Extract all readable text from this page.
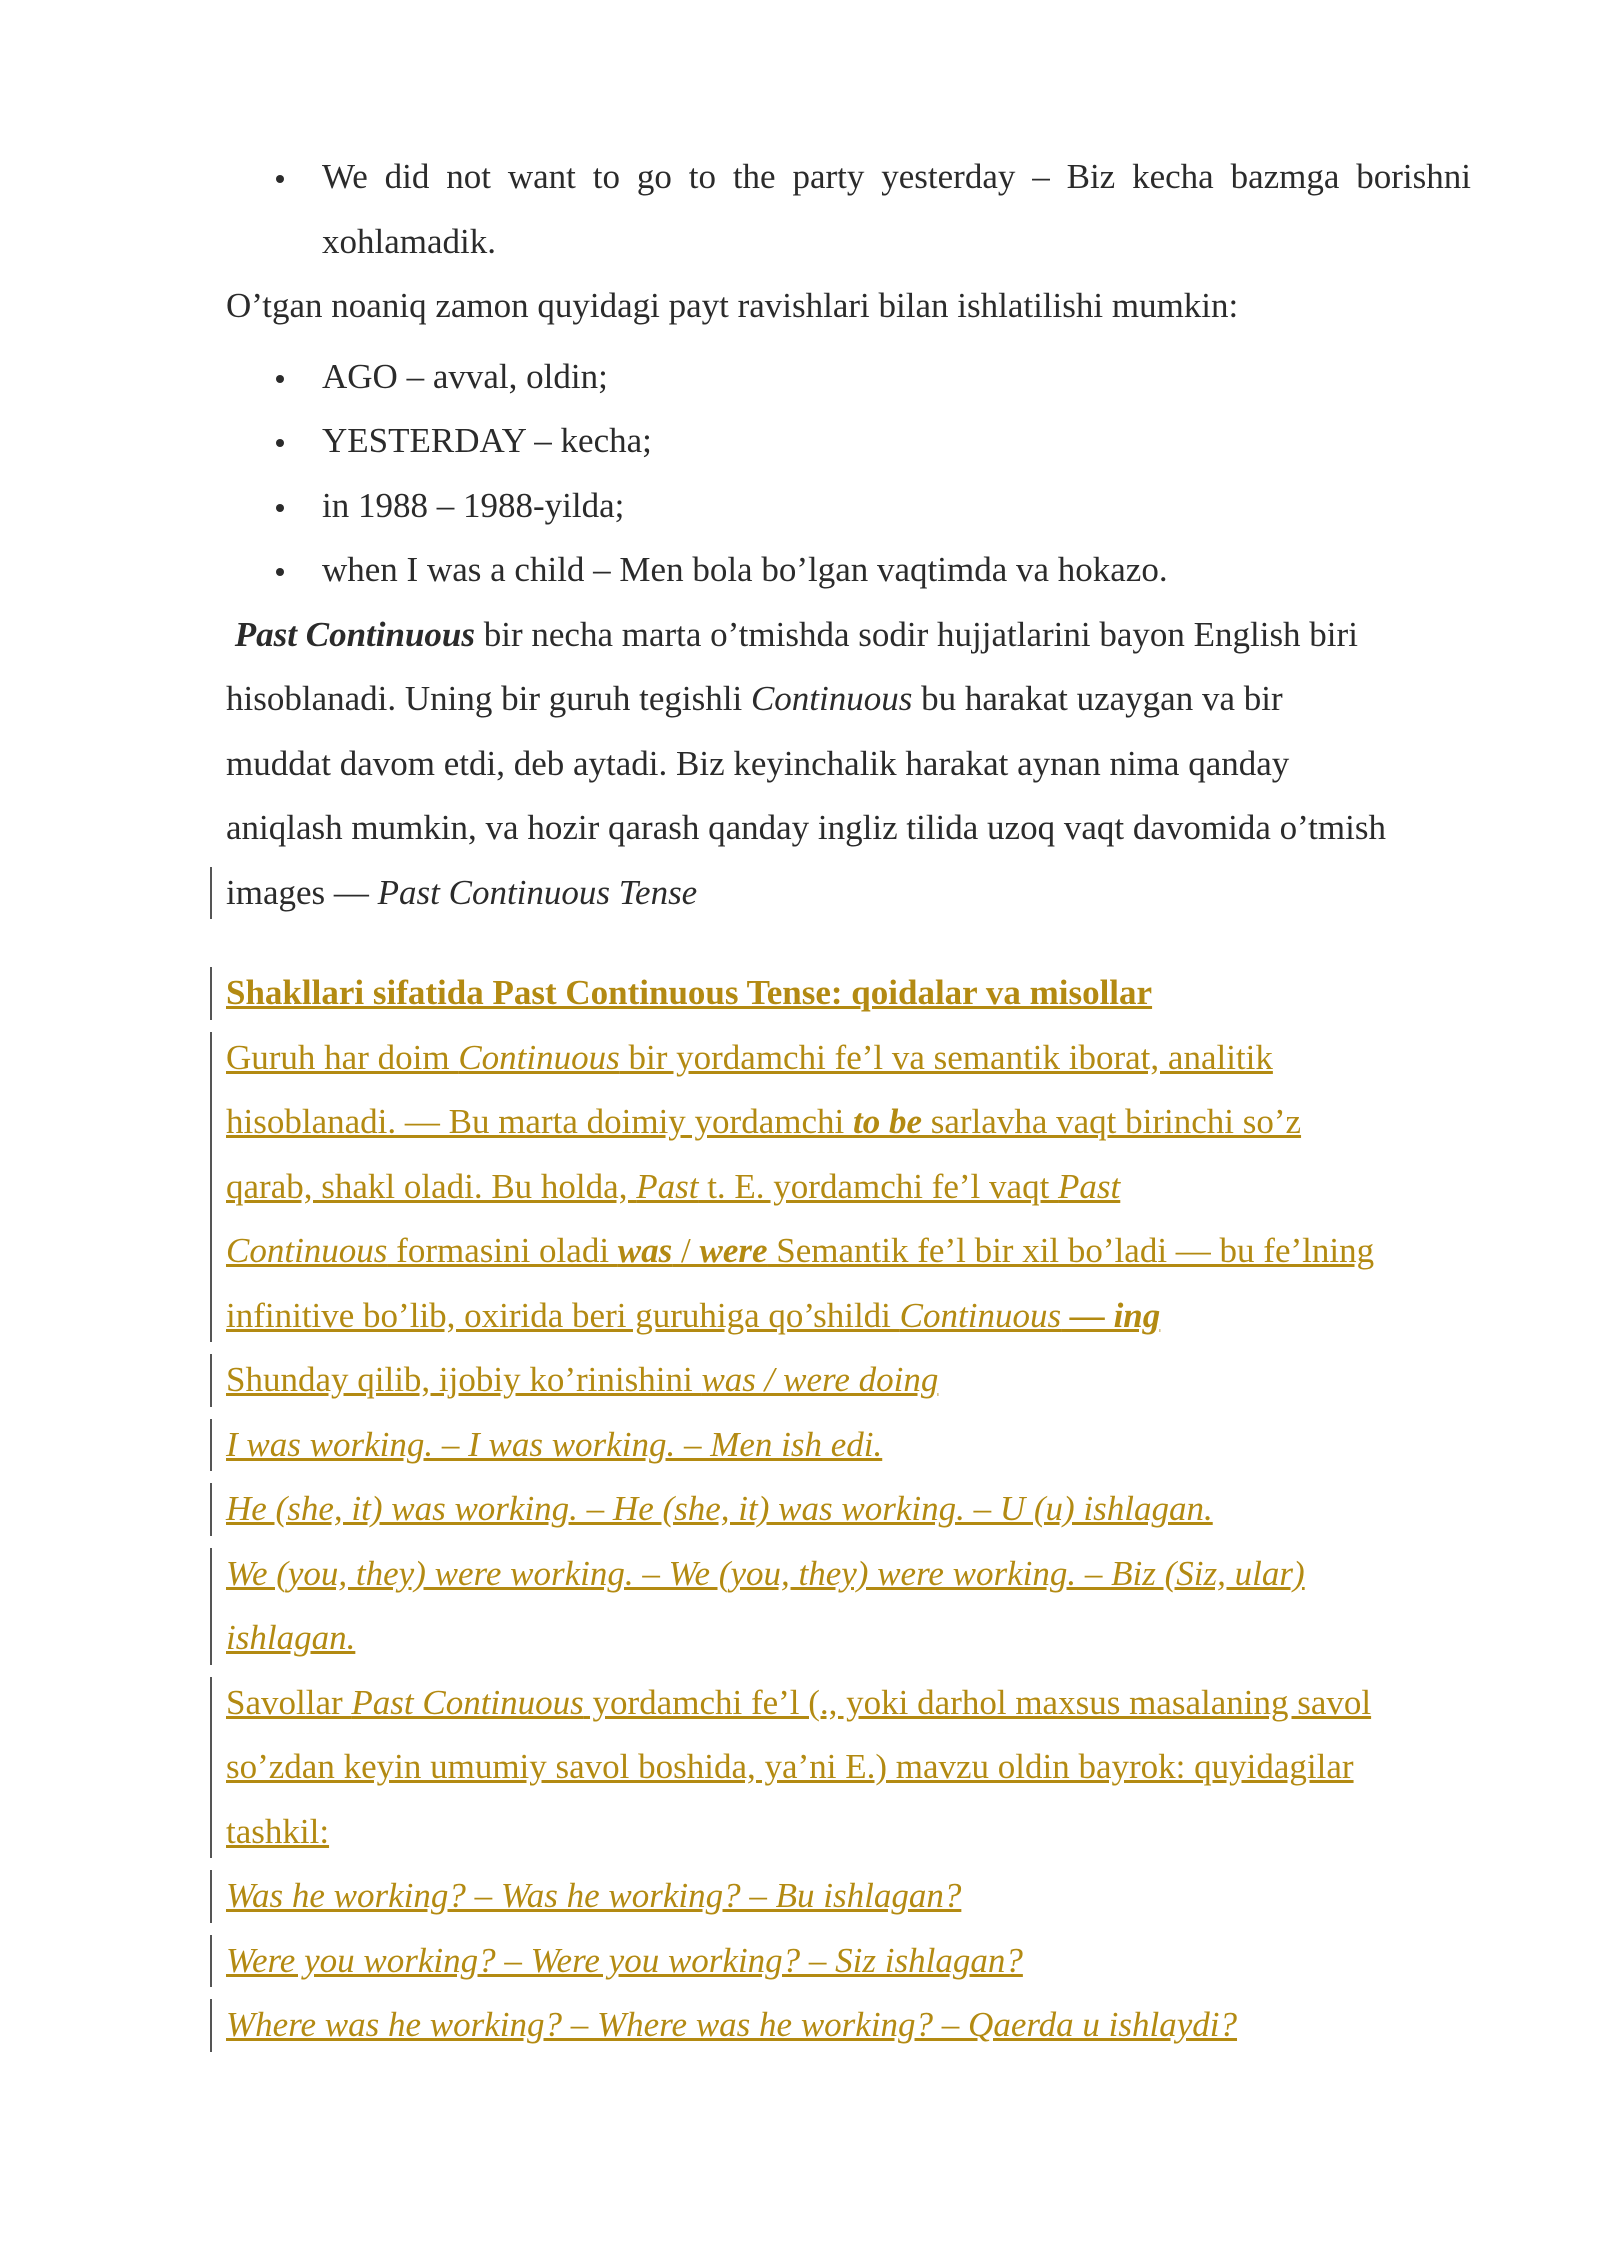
We did not want to go to the party yesterday – Biz kecha bazmga borishni
xohlamadik.
O’tgan noaniq zamon quyidagi payt ravishlari bilan ishlatilishi mumkin:
AGO – avval, oldin;
YESTERDAY – kecha;
in 1988 – 1988-yilda;
when I was a child – Men bola bo’lgan vaqtimda va hokazo.
Past Continuous bir necha marta o’tmishda sodir hujjatlarini bayon English biri
hisoblanadi. Uning bir guruh tegishli Continuous bu harakat uzaygan va bir
muddat davom etdi, deb aytadi. Biz keyinchalik harakat aynan nima qanday
aniqlash mumkin, va hozir qarash qanday ingliz tilida uzoq vaqt davomida o’tmish
images — Past Continuous Tense
Shakllari sifatida Past Continuous Tense: qoidalar va misollar
Guruh har doim Continuous bir yordamchi fe’l va semantik iborat, analitik
hisoblanadi. — Bu marta doimiy yordamchi to be sarlavha vaqt birinchi so’z
qarab, shakl oladi. Bu holda, Past t. E. yordamchi fe’l vaqt Past
Continuous formasini oladi was / were Semantik fe’l bir xil bo’ladi — bu fe’lning
infinitive bo’lib, oxirida beri guruhiga qo’shildi Continuous — ing
Shunday qilib, ijobiy ko’rinishini was / were doing
I was working. – I was working. – Men ish edi.
He (she, it) was working. – He (she, it) was working. – U (u) ishlagan.
We (you, they) were working. – We (you, they) were working. – Biz (Siz, ular)
ishlagan.
Savollar Past Continuous yordamchi fe’l (., yoki darhol maxsus masalaning savol
so’zdan keyin umumiy savol boshida, ya’ni E.) mavzu oldin bayrok: quyidagilar
tashkil:
Was he working? – Was he working? – Bu ishlagan?
Were you working? – Were you working? – Siz ishlagan?
Where was he working? – Where was he working? – Qaerda u ishlaydi?
